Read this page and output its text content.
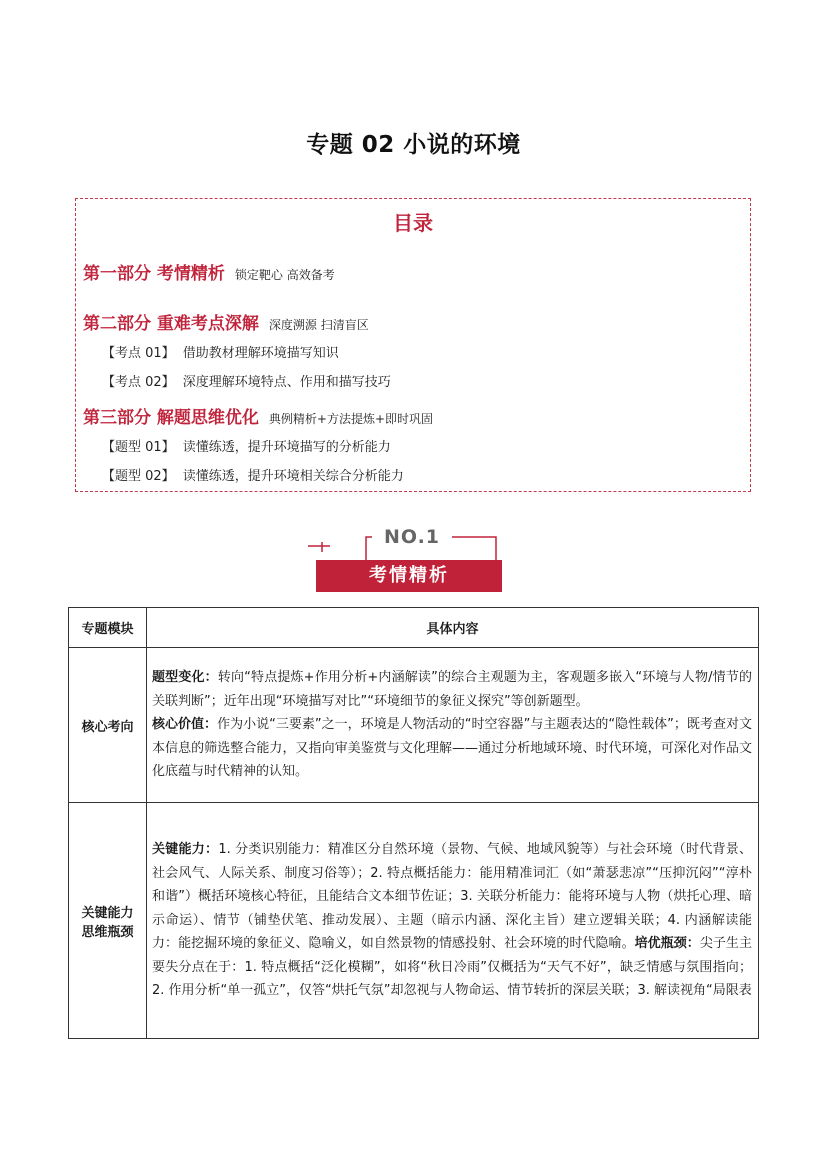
专题 02 小说的环境
目录
第一部分 考情精析 锁定靶心 高效备考
第二部分 重难考点深解 深度溯源 扫清盲区
【考点 01】 借助教材理解环境描写知识
【考点 02】 深度理解环境特点、作用和描写技巧
第三部分 解题思维优化 典例精析+方法提炼+即时巩固
【题型 01】 读懂练透，提升环境描写的分析能力
【题型 02】 读懂练透，提升环境相关综合分析能力
NO.1
考情精析
专题模块	具体内容
核心考向	题型变化：转向“特点提炼+作用分析+内涵解读”的综合主观题为主，客观题多嵌入“环境与人物/情节的关联判断”；近年出现“环境描写对比”“环境细节的象征义探究”等创新题型。
核心价值：作为小说“三要素”之一，环境是人物活动的“时空容器”与主题表达的“隐性载体”；既考查对文本信息的筛选整合能力，又指向审美鉴赏与文化理解——通过分析地域环境、时代环境，可深化对作品文化底蕴与时代精神的认知。
关键能力
思维瓶颈	关键能力：1. 分类识别能力：精准区分自然环境（景物、气候、地域风貌等）与社会环境（时代背景、社会风气、人际关系、制度习俗等）；2. 特点概括能力：能用精准词汇（如“萧瑟悲凉”“压抑沉闷”“淳朴和谐”）概括环境核心特征，且能结合文本细节佐证；3. 关联分析能力：能将环境与人物（烘托心理、暗示命运）、情节（铺垫伏笔、推动发展）、主题（暗示内涵、深化主旨）建立逻辑关联；4. 内涵解读能力：能挖掘环境的象征义、隐喻义，如自然景物的情感投射、社会环境的时代隐喻。培优瓶颈：尖子生主要失分点在于：1. 特点概括“泛化模糊”，如将“秋日冷雨”仅概括为“天气不好”，缺乏情感与氛围指向；2. 作用分析“单一孤立”，仅答“烘托气氛”却忽视与人物命运、情节转折的深层关联；3. 解读视角“局限表
